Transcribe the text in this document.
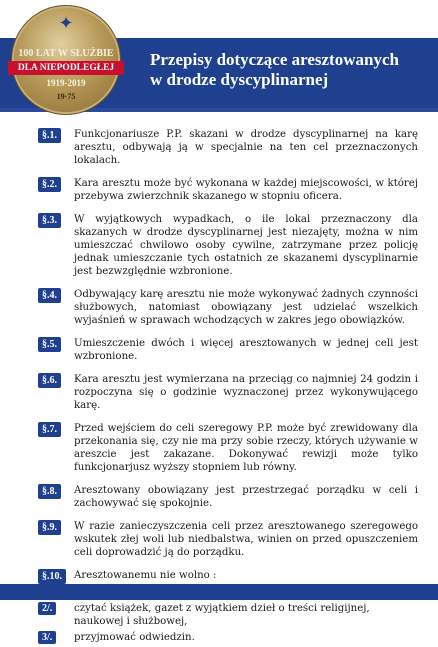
✦
100 LAT W SŁUŻBIE
DLA NIEPODLEGŁEJ
1919-2019
19·75
Przepisy dotyczące aresztowanych
w drodze dyscyplinarnej
§.1.	Funkcjonariusze P.P. skazani w drodze dyscyplinarnej na karę aresztu, odbywają ją w specjalnie na ten cel przeznaczonych lokalach.
§.2.	Kara aresztu może być wykonana w każdej miejscowości, w której przebywa zwierzchnik skazanego w stopniu oficera.
§.3.	W wyjątkowych wypadkach, o ile lokal przeznaczony dla skazanych w drodze dyscyplinarnej jest niezajęty, można w nim umieszczać chwilowo osoby cywilne, zatrzymane przez policję jednak umieszczanie tych ostatnich ze skazanemi dyscyplinarnie jest bezwzględnie wzbronione.
§.4.	Odbywający karę aresztu nie może wykonywać żadnych czynności służbowych, natomiast obowiązany jest udzielać wszelkich wyjaśnień w sprawach wchodzących w zakres jego obowiązków.
§.5.	Umieszczenie dwóch i więcej aresztowanych w jednej celi jest wzbronione.
§.6.	Kara aresztu jest wymierzana na przeciąg co najmniej 24 godzin i rozpoczyna się o godzinie wyznaczonej przez wykonywującego karę.
§.7.	Przed wejściem do celi szeregowy P.P. może być zrewidowany dla przekonania się, czy nie ma przy sobie rzeczy, których używanie w areszcie jest zakazane. Dokonywać rewizji może tylko funkcjonarjusz wyższy stopniem lub równy.
§.8.	Aresztowany obowiązany jest przestrzegać porządku w celi i zachowywać się spokojnie.
§.9.	W razie zanieczyszczenia celi przez aresztowanego szeregowego wskutek złej woli lub niedbalstwa, winien on przed opuszczeniem celi doprowadzić ją do porządku.
§.10.	Aresztowanemu nie wolno :
2/.	czytać książek, gazet z wyjątkiem dzieł o treści religijnej, naukowej i służbowej,
3/.	przyjmować odwiedzin.
